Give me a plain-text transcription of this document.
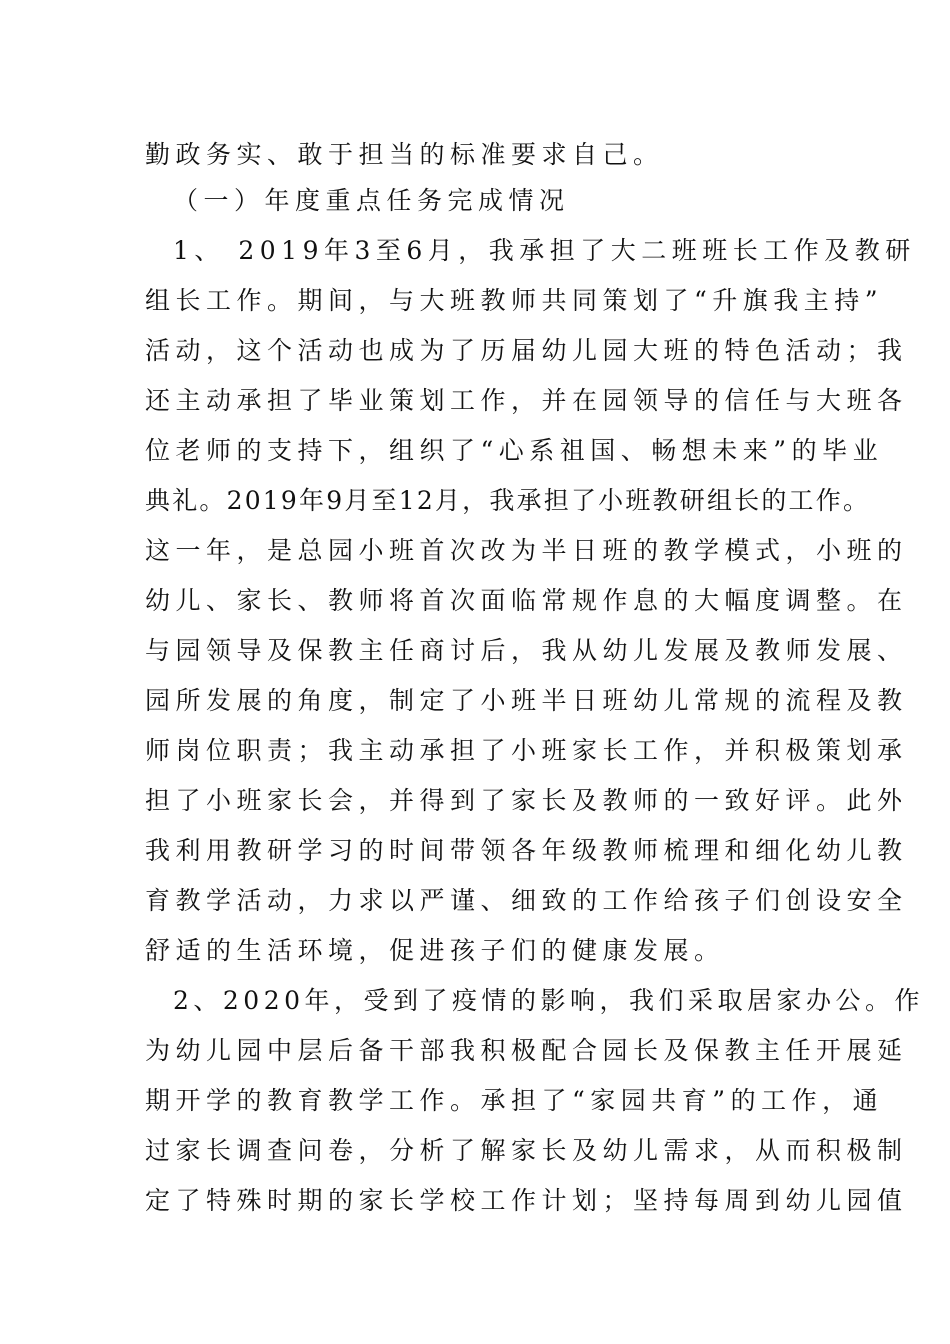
勤政务实、敢于担当的标准要求自己。
（一）年度重点任务完成情况
1、 2019年3至6月，我承担了大二班班长工作及教研
组长工作。期间，与大班教师共同策划了“升旗我主持”
活动，这个活动也成为了历届幼儿园大班的特色活动；我
还主动承担了毕业策划工作，并在园领导的信任与大班各
位老师的支持下，组织了“心系祖国、畅想未来”的毕业
典礼。2019年9月至12月，我承担了小班教研组长的工作。
这一年，是总园小班首次改为半日班的教学模式，小班的
幼儿、家长、教师将首次面临常规作息的大幅度调整。在
与园领导及保教主任商讨后，我从幼儿发展及教师发展、
园所发展的角度，制定了小班半日班幼儿常规的流程及教
师岗位职责；我主动承担了小班家长工作，并积极策划承
担了小班家长会，并得到了家长及教师的一致好评。此外
我利用教研学习的时间带领各年级教师梳理和细化幼儿教
育教学活动，力求以严谨、细致的工作给孩子们创设安全
舒适的生活环境，促进孩子们的健康发展。
2、2020年，受到了疫情的影响，我们采取居家办公。作
为幼儿园中层后备干部我积极配合园长及保教主任开展延
期开学的教育教学工作。承担了“家园共育”的工作，通
过家长调查问卷，分析了解家长及幼儿需求，从而积极制
定了特殊时期的家长学校工作计划；坚持每周到幼儿园值
